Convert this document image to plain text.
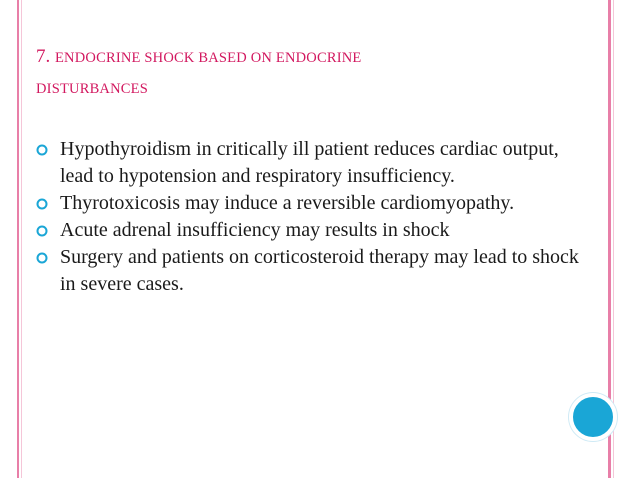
7. ENDOCRINE SHOCK BASED ON ENDOCRINE
DISTURBANCES
Hypothyroidism in critically ill patient reduces cardiac output, lead to hypotension and respiratory insufficiency.
Thyrotoxicosis may induce a reversible cardiomyopathy.
Acute adrenal insufficiency may results in shock
Surgery and patients on corticosteroid therapy may lead to shock in severe cases.
